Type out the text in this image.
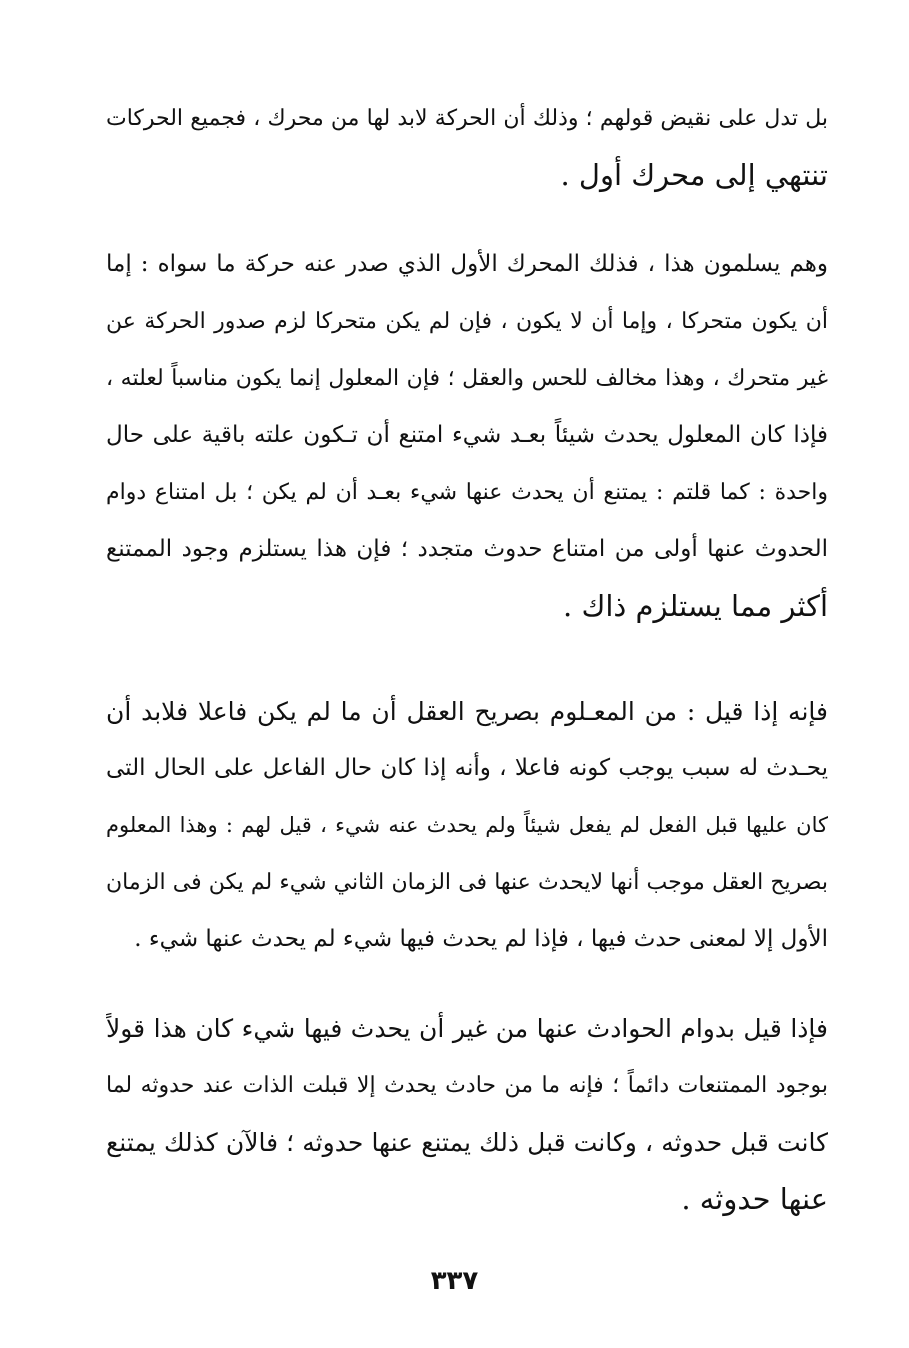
بل تدل على نقيض قولهم ؛ وذلك أن الحركة لابد لها من محرك ، فجميع الحركات
تنتهي إلى محرك أول .
وهم يسلمون هذا ، فذلك المحرك الأول الذي صدر عنه حركة ما سواه : إما
أن يكون متحركا ، وإما أن لا يكون ، فإن لم يكن متحركا لزم صدور الحركة عن
غير متحرك ، وهذا مخالف للحس والعقل ؛ فإن المعلول إنما يكون مناسباً لعلته ،
فإذا كان المعلول يحدث شيئاً بعـد شيء امتنع أن تـكون علته باقية على حال
واحدة : كما قلتم : يمتنع أن يحدث عنها شيء بعـد أن لم يكن ؛ بل امتناع دوام
الحدوث عنها أولى من امتناع حدوث متجدد ؛ فإن هذا يستلزم وجود الممتنع
أكثر مما يستلزم ذاك .
فإنه إذا قيل : من المعـلوم بصريح العقل أن ما لم يكن فاعلا فلابد أن
يحـدث له سبب يوجب كونه فاعلا ، وأنه إذا كان حال الفاعل على الحال التى
كان عليها قبل الفعل لم يفعل شيئاً ولم يحدث عنه شيء ، قيل لهم : وهذا المعلوم
بصريح العقل موجب أنها لايحدث عنها فى الزمان الثاني شيء لم يكن فى الزمان
الأول إلا لمعنى حدث فيها ، فإذا لم يحدث فيها شيء لم يحدث عنها شيء .
فإذا قيل بدوام الحوادث عنها من غير أن يحدث فيها شيء كان هذا قولاً
بوجود الممتنعات دائماً ؛ فإنه ما من حادث يحدث إلا قبلت الذات عند حدوثه لما
كانت قبل حدوثه ، وكانت قبل ذلك يمتنع عنها حدوثه ؛ فالآن كذلك يمتنع
عنها حدوثه .
٣٣٧
